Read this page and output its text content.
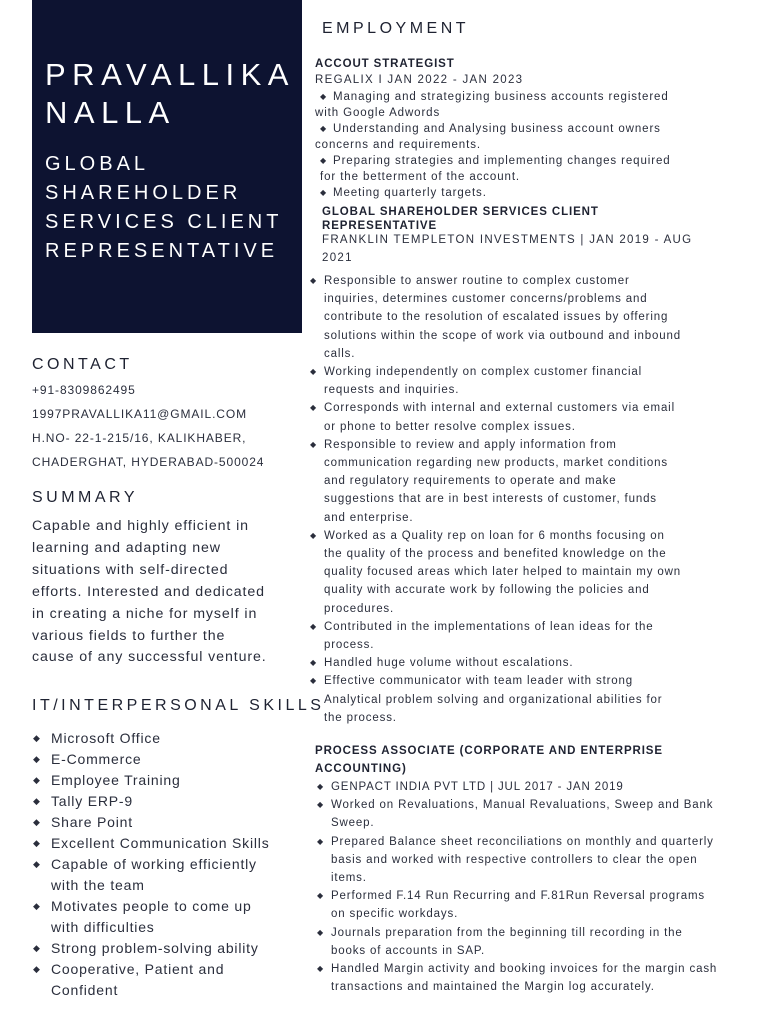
PRAVALLIKA
NALLA
GLOBAL
SHAREHOLDER
SERVICES CLIENT
REPRESENTATIVE
CONTACT
+91-8309862495
1997PRAVALLIKA11@GMAIL.COM
H.NO- 22-1-215/16, KALIKHABER,
CHADERGHAT, HYDERABAD-500024
SUMMARY
Capable and highly efficient in
learning and adapting new
situations with self-directed
efforts. Interested and dedicated
in creating a niche for myself in
various fields to further the
cause of any successful venture.
IT/INTERPERSONAL SKILLS
◆ Microsoft Office
◆ E-Commerce
◆ Employee Training
◆ Tally ERP-9
◆ Share Point
◆ Excellent Communication Skills
◆ Capable of working efficiently
with the team
◆ Motivates people to come up
with difficulties
◆ Strong problem-solving ability
◆ Cooperative, Patient and
Confident
EMPLOYMENT
ACCOUT STRATEGIST
REGALIX I JAN 2022 - JAN 2023
◆ Managing and strategizing business accounts registered
with Google Adwords
◆ Understanding and Analysing business account owners
concerns and requirements.
◆ Preparing strategies and implementing changes required
for the betterment of the account.
◆ Meeting quarterly targets.
GLOBAL SHAREHOLDER SERVICES CLIENT
REPRESENTATIVE
FRANKLIN TEMPLETON INVESTMENTS | JAN 2019 - AUG
2021
◆ Responsible to answer routine to complex customer
inquiries, determines customer concerns/problems and
contribute to the resolution of escalated issues by offering
solutions within the scope of work via outbound and inbound
calls.
◆ Working independently on complex customer financial
requests and inquiries.
◆ Corresponds with internal and external customers via email
or phone to better resolve complex issues.
◆ Responsible to review and apply information from
communication regarding new products, market conditions
and regulatory requirements to operate and make
suggestions that are in best interests of customer, funds
and enterprise.
◆ Worked as a Quality rep on loan for 6 months focusing on
the quality of the process and benefited knowledge on the
quality focused areas which later helped to maintain my own
quality with accurate work by following the policies and
procedures.
◆ Contributed in the implementations of lean ideas for the
process.
◆ Handled huge volume without escalations.
◆ Effective communicator with team leader with strong
Analytical problem solving and organizational abilities for
the process.
PROCESS ASSOCIATE (CORPORATE AND ENTERPRISE
ACCOUNTING)
◆ GENPACT INDIA PVT LTD | JUL 2017 - JAN 2019
◆ Worked on Revaluations, Manual Revaluations, Sweep and Bank
Sweep.
◆ Prepared Balance sheet reconciliations on monthly and quarterly
basis and worked with respective controllers to clear the open
items.
◆ Performed F.14 Run Recurring and F.81Run Reversal programs
on specific workdays.
◆ Journals preparation from the beginning till recording in the
books of accounts in SAP.
◆ Handled Margin activity and booking invoices for the margin cash
transactions and maintained the Margin log accurately.
